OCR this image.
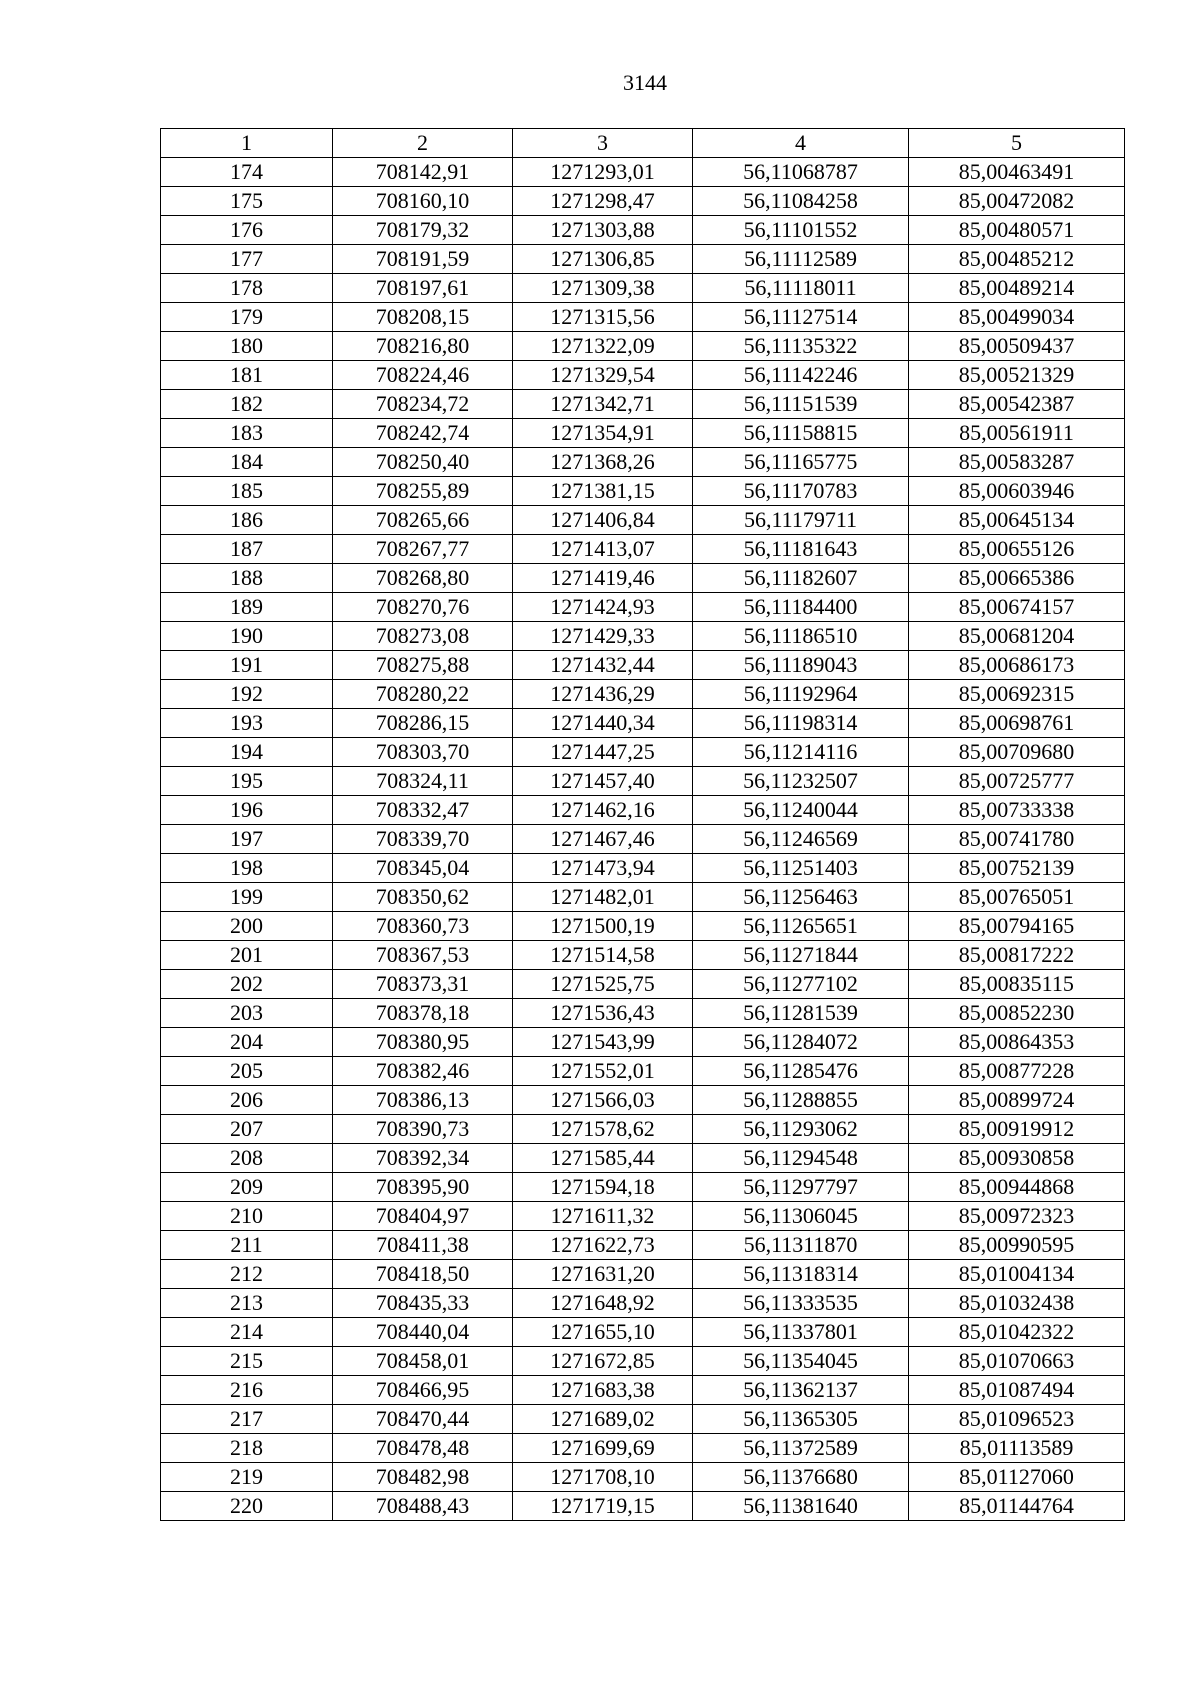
3144
1	2	3	4	5
174	708142,91	1271293,01	56,11068787	85,00463491
175	708160,10	1271298,47	56,11084258	85,00472082
176	708179,32	1271303,88	56,11101552	85,00480571
177	708191,59	1271306,85	56,11112589	85,00485212
178	708197,61	1271309,38	56,11118011	85,00489214
179	708208,15	1271315,56	56,11127514	85,00499034
180	708216,80	1271322,09	56,11135322	85,00509437
181	708224,46	1271329,54	56,11142246	85,00521329
182	708234,72	1271342,71	56,11151539	85,00542387
183	708242,74	1271354,91	56,11158815	85,00561911
184	708250,40	1271368,26	56,11165775	85,00583287
185	708255,89	1271381,15	56,11170783	85,00603946
186	708265,66	1271406,84	56,11179711	85,00645134
187	708267,77	1271413,07	56,11181643	85,00655126
188	708268,80	1271419,46	56,11182607	85,00665386
189	708270,76	1271424,93	56,11184400	85,00674157
190	708273,08	1271429,33	56,11186510	85,00681204
191	708275,88	1271432,44	56,11189043	85,00686173
192	708280,22	1271436,29	56,11192964	85,00692315
193	708286,15	1271440,34	56,11198314	85,00698761
194	708303,70	1271447,25	56,11214116	85,00709680
195	708324,11	1271457,40	56,11232507	85,00725777
196	708332,47	1271462,16	56,11240044	85,00733338
197	708339,70	1271467,46	56,11246569	85,00741780
198	708345,04	1271473,94	56,11251403	85,00752139
199	708350,62	1271482,01	56,11256463	85,00765051
200	708360,73	1271500,19	56,11265651	85,00794165
201	708367,53	1271514,58	56,11271844	85,00817222
202	708373,31	1271525,75	56,11277102	85,00835115
203	708378,18	1271536,43	56,11281539	85,00852230
204	708380,95	1271543,99	56,11284072	85,00864353
205	708382,46	1271552,01	56,11285476	85,00877228
206	708386,13	1271566,03	56,11288855	85,00899724
207	708390,73	1271578,62	56,11293062	85,00919912
208	708392,34	1271585,44	56,11294548	85,00930858
209	708395,90	1271594,18	56,11297797	85,00944868
210	708404,97	1271611,32	56,11306045	85,00972323
211	708411,38	1271622,73	56,11311870	85,00990595
212	708418,50	1271631,20	56,11318314	85,01004134
213	708435,33	1271648,92	56,11333535	85,01032438
214	708440,04	1271655,10	56,11337801	85,01042322
215	708458,01	1271672,85	56,11354045	85,01070663
216	708466,95	1271683,38	56,11362137	85,01087494
217	708470,44	1271689,02	56,11365305	85,01096523
218	708478,48	1271699,69	56,11372589	85,01113589
219	708482,98	1271708,10	56,11376680	85,01127060
220	708488,43	1271719,15	56,11381640	85,01144764
